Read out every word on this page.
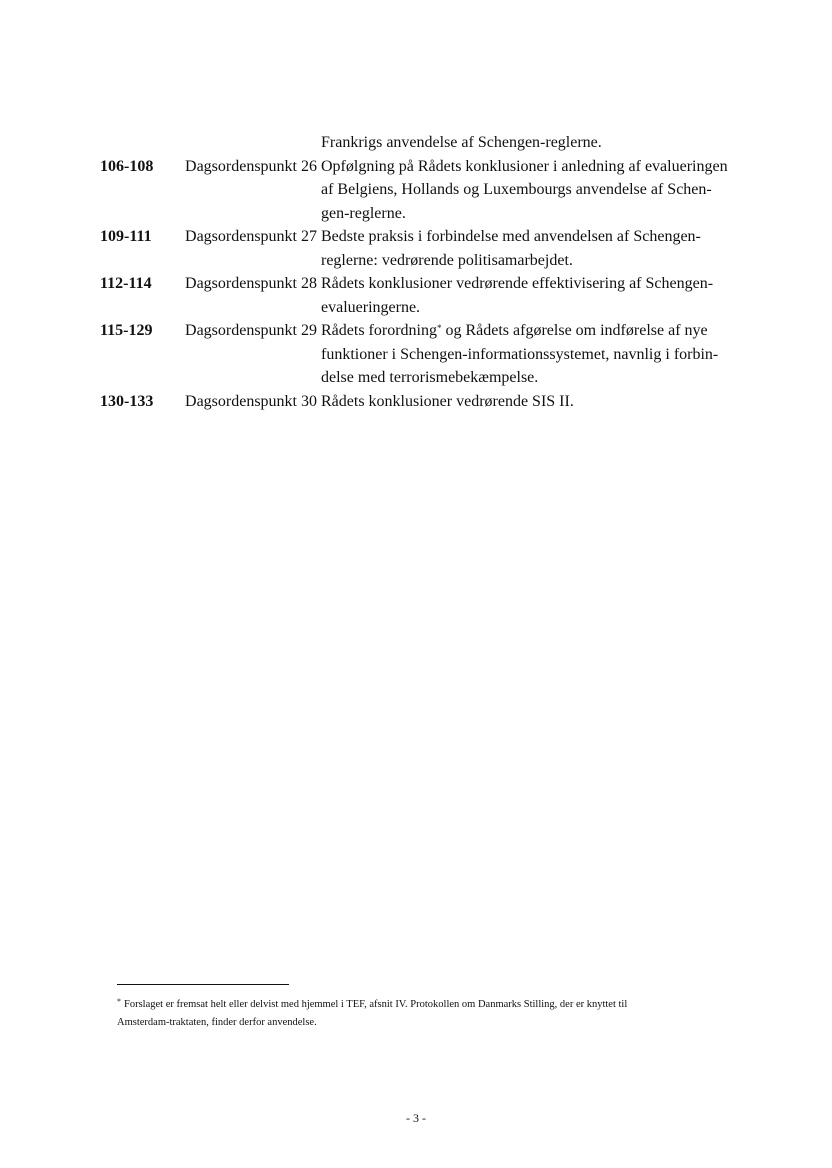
Frankrigs anvendelse af Schengen-reglerne.
106-108	Dagsordenspunkt 26 Opfølgning på Rådets konklusioner i anledning af evalueringen
af Belgiens, Hollands og Luxembourgs anvendelse af Schen-
gen-reglerne.
109-111	Dagsordenspunkt 27 Bedste praksis i forbindelse med anvendelsen af Schengen-
reglerne: vedrørende politisamarbejdet.
112-114	Dagsordenspunkt 28 Rådets konklusioner vedrørende effektivisering af Schengen-
evalueringerne.
115-129	Dagsordenspunkt 29 Rådets forordning* og Rådets afgørelse om indførelse af nye
funktioner i Schengen-informationssystemet, navnlig i forbin-
delse med terrorismebekæmpelse.
130-133	Dagsordenspunkt 30 Rådets konklusioner vedrørende SIS II.
* Forslaget er fremsat helt eller delvist med hjemmel i TEF, afsnit IV. Protokollen om Danmarks Stilling, der er knyttet til
Amsterdam-traktaten, finder derfor anvendelse.
- 3 -
